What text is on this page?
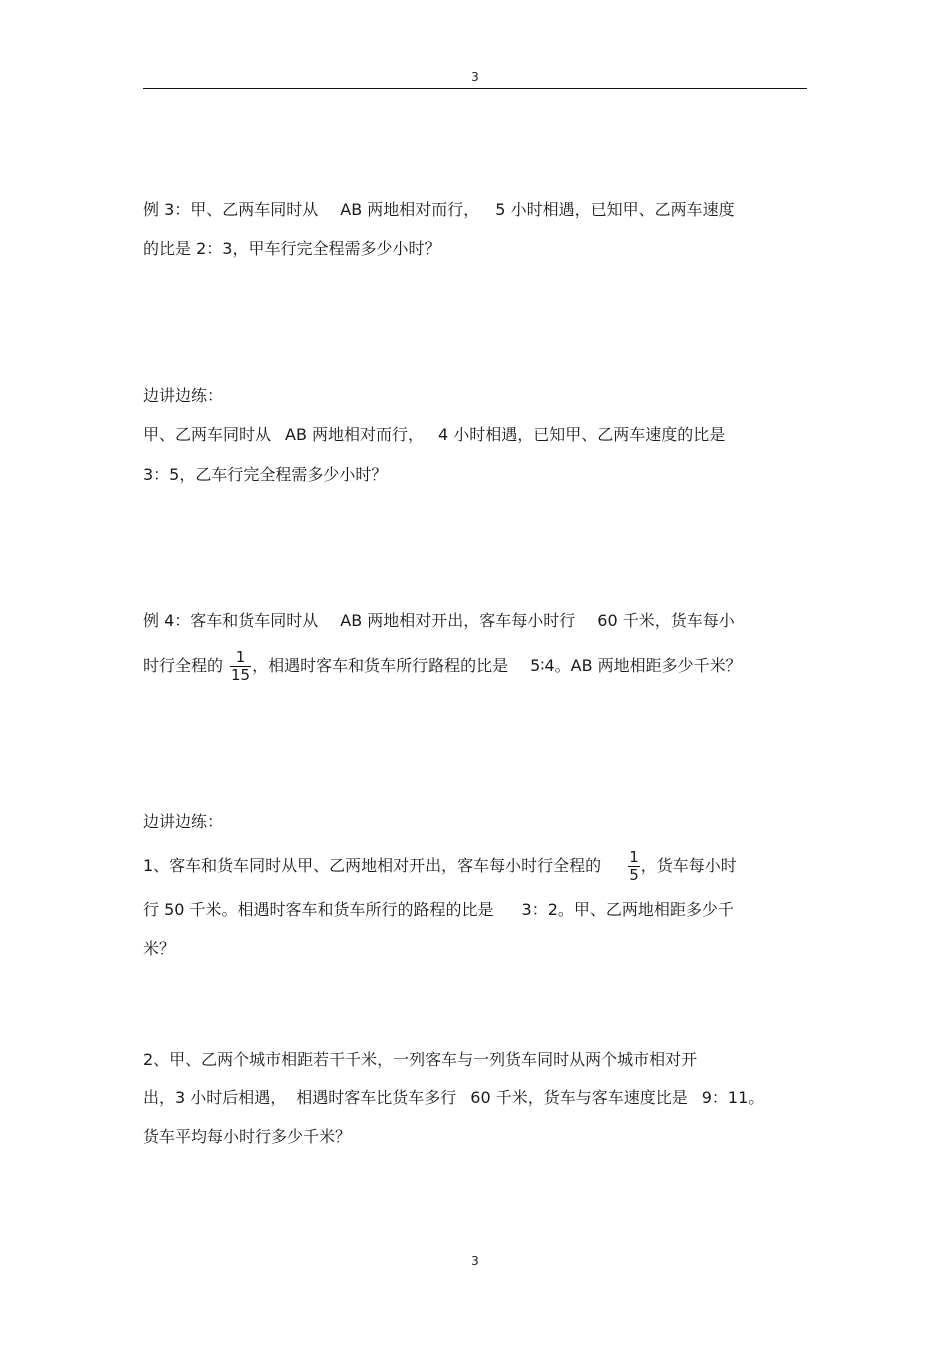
3
例 3：甲、乙两车同时从 AB 两地相对而行， 5 小时相遇，已知甲、乙两车速度
的比是 2：3，甲车行完全程需多少小时？
边讲边练：
甲、乙两车同时从 AB 两地相对而行， 4 小时相遇，已知甲、乙两车速度的比是
3：5，乙车行完全程需多少小时？
例 4：客车和货车同时从 AB 两地相对开出，客车每小时行 60 千米，货车每小
时行全程的 $\frac{1}{15}$ ，相遇时客车和货车所行路程的比是 5∶4。AB 两地相距多少千米？
边讲边练：
1、客车和货车同时从甲、乙两地相对开出，客车每小时行全程的 $\frac{1}{5}$ ，货车每小时
行 50 千米。相遇时客车和货车所行的路程的比是 3：2。甲、乙两地相距多少千
米？
2、甲、乙两个城市相距若干千米，一列客车与一列货车同时从两个城市相对开
出，3 小时后相遇， 相遇时客车比货车多行 60 千米，货车与客车速度比是 9：11。
货车平均每小时行多少千米？
3
